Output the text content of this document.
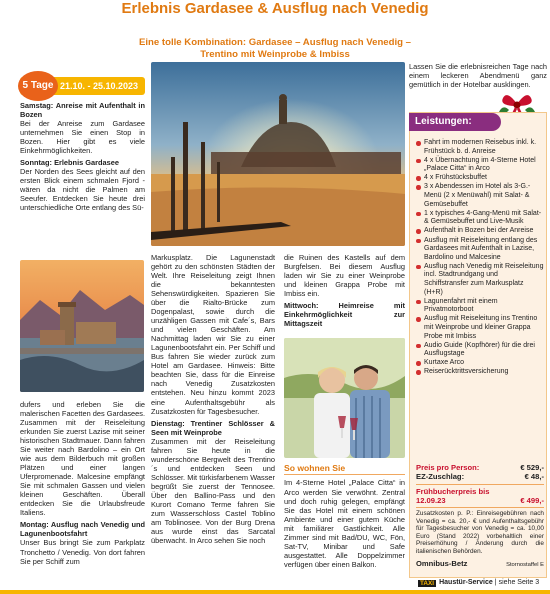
Erlebnis Gardasee & Ausflug nach Venedig
Eine tolle Kombination: Gardasee – Ausflug nach Venedig –
Trentino mit Weinprobe & Imbiss
5 Tage 21.10. - 25.10.2023

Samstag: Anreise mit Aufenthalt in Bozen
Bei der Anreise zum Gardasee unternehmen Sie einen Stop in Bozen. Hier gibt es viele Einkehrmöglichkeiten.

Sonntag: Erlebnis Gardasee
Der Norden des Sees gleicht auf den ersten Blick einem schmalen Fjord - wären da nicht die Palmen am Seeufer. Entdecken Sie heute drei unterschiedliche Orte entlang des Sü-

dufers und erleben Sie die malerischen Facetten des Gardasees. Zusammen mit der Reiseleitung erkunden Sie zuerst Lazise mit seiner historischen Stadtmauer. Dann fahren Sie weiter nach Bardolino – ein Ort wie aus dem Bilderbuch mit großen Plätzen und einer langen Uferpromenade. Malcesine empfängt Sie mit schmalen Gassen und vielen kleinen Geschäften. Überall entdecken Sie die Urlaubsfreude Italiens.

Montag: Ausflug nach Venedig und Lagunenbootsfahrt
Unser Bus bringt Sie zum Parkplatz Tronchetto / Venedig. Von dort fahren Sie per Schiff zum

Markusplatz. Die Lagunenstadt gehört zu den schönsten Städten der Welt. Ihre Reiseleitung zeigt Ihnen die bekanntesten Sehenswürdigkeiten. Spazieren Sie über die Rialto-Brücke zum Dogenpalast, sowie durch die unzähligen Gassen mit Cafe´s, Bars und vielen Geschäften. Am Nachmittag laden wir Sie zu einer Lagunenbootsfahrt ein. Per Schiff und Bus fahren Sie wieder zurück zum Hotel am Gardasee. Hinweis: Bitte beachten Sie, dass für die Einreise nach Venedig Zusatzkosten entstehen. Neu hinzu kommt 2023 eine Aufenthaltsgebühr als Zusatzkosten für Tagesbesucher.

Dienstag: Trentiner Schlösser & Seen mit Weinprobe
Zusammen mit der Reiseleitung fahren Sie heute in die wunderschöne Bergwelt des Trentino´s und entdecken Seen und Schlösser. Mit türkisfarbenem Wasser begrüßt Sie zuerst der Tennosee. Über den Ballino-Pass und den Kurort Comano Terme fahren Sie zum Wasserschloss Castel Toblino am Toblinosee. Von der Burg Drena aus wurde einst das Sarcatal überwacht. In Arco sehen Sie noch

die Ruinen des Kastells auf dem Burgfelsen. Bei diesem Ausflug laden wir Sie zu einer Weinprobe und kleinen Grappa Probe mit Imbiss ein.

Mittwoch: Heimreise mit Einkehrmöglichkeit zur Mittagszeit

So wohnen Sie

Im 4-Sterne Hotel „Palace Citta“ in Arco werden Sie verwöhnt. Zentral und doch ruhig gelegen, empfängt Sie das Hotel mit einem schönen Ambiente und einer gutem Küche mit familiärer Gastlichkeit. Alle Zimmer sind mit Bad/DU, WC, Fön, Sat-TV, Minibar und Safe ausgestattet. Alle Doppelzimmer verfügen über einen Balkon.

Lassen Sie die erlebnisreichen Tage nach einem leckeren Abendmenü ganz gemütlich in der Hotelbar ausklingen.

Leistungen:
Fahrt im modernen Reisebus inkl. k. Frühstück b. d. Anreise
4 x Übernachtung im 4-Sterne Hotel „Palace Citta“ in Arco
4 x Frühstücksbuffet
3 x Abendessen im Hotel als 3-G.-Menü (2 x Menüwahl) mit Salat- & Gemüsebuffet
1 x typisches 4-Gang-Menü mit Salat- & Gemüsebuffet und Live-Musik
Aufenthalt in Bozen bei der Anreise
Ausflug mit Reiseleitung entlang des Gardasees mit Aufenthalt in Lazise, Bardolino und Malcesine
Ausflug nach Venedig mit Reiseleitung incl. Stadtrundgang und Schiffstransfer zum Markusplatz (H+R)
Lagunenfahrt mit einem Privatmotorboot
Ausflug mit Reiseleitung ins Trentino mit Weinprobe und kleiner Grappa Probe mit Imbiss
Audio Guide (Kopfhörer) für die drei Ausflugstage
Kurtaxe Arco
Reiserücktrittsversicherung
Preis pro Person:	€ 529,-
EZ-Zuschlag:	€ 48,-
Frühbucherpreis bis 12.09.23	€ 499,-
Zusatzkosten p. P.: Einreisegebühren nach Venedig = ca. 20,- € und Aufenthaltsgebühr für Tagesbesucher von Venedig = ca. 10,00 Euro (Stand 2022) vorbehaltlich einer Preiserhöhung / Änderung durch die italienischen Behörden.
Omnibus-Betz	Stornostaffel E
TAXI Haustür-Service | siehe Seite 3
